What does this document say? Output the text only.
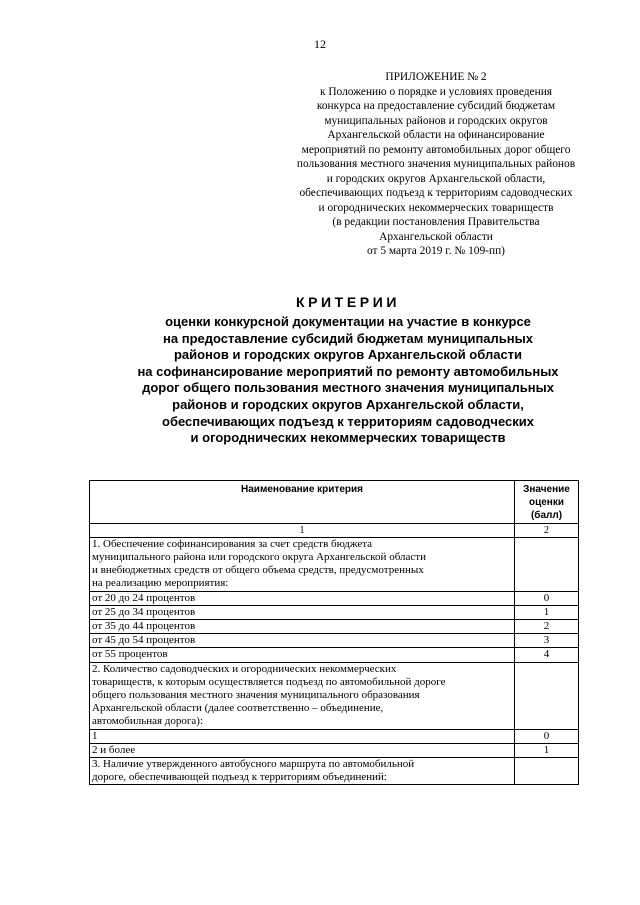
12
ПРИЛОЖЕНИЕ № 2
к Положению о порядке и условиях проведения
конкурса на предоставление субсидий бюджетам
муниципальных районов и городских округов
Архангельской области на офинансирование
мероприятий по ремонту автомобильных дорог общего
пользования местного значения муниципальных районов
и городских округов Архангельской области,
обеспечивающих подъезд к территориям садоводческих
и огороднических некоммерческих товариществ
(в редакции постановления Правительства
Архангельской области
от 5 марта 2019 г. № 109-пп)
КРИТЕРИИ
оценки конкурсной документации на участие в конкурсе
на предоставление субсидий бюджетам муниципальных
районов и городских округов Архангельской области
на софинансирование мероприятий по ремонту автомобильных
дорог общего пользования местного значения муниципальных
районов и городских округов Архангельской области,
обеспечивающих подъезд к территориям садоводческих
и огороднических некоммерческих товариществ
Наименование критерия	Значение
оценки
(балл)

1	2

1. Обеспечение софинансирования за счет средств бюджета
муниципального района или городского округа Архангельской области
и внебюджетных средств от общего объема средств, предусмотренных
на реализацию мероприятия:	

от 20 до 24 процентов	0
от 25 до 34 процентов	1
от 35 до 44 процентов	2
от 45 до 54 процентов	3
от 55 процентов	4

2. Количество садоводческих и огороднических некоммерческих
товариществ, к которым осуществляется подъезд по автомобильной дороге
общего пользования местного значения муниципального образования
Архангельской области (далее соответственно – объединение,
автомобильная дорога):	

1	0
2 и более	1

3. Наличие утвержденного автобусного маршрута по автомобильной
дороге, обеспечивающей подъезд к территориям объединений:	
